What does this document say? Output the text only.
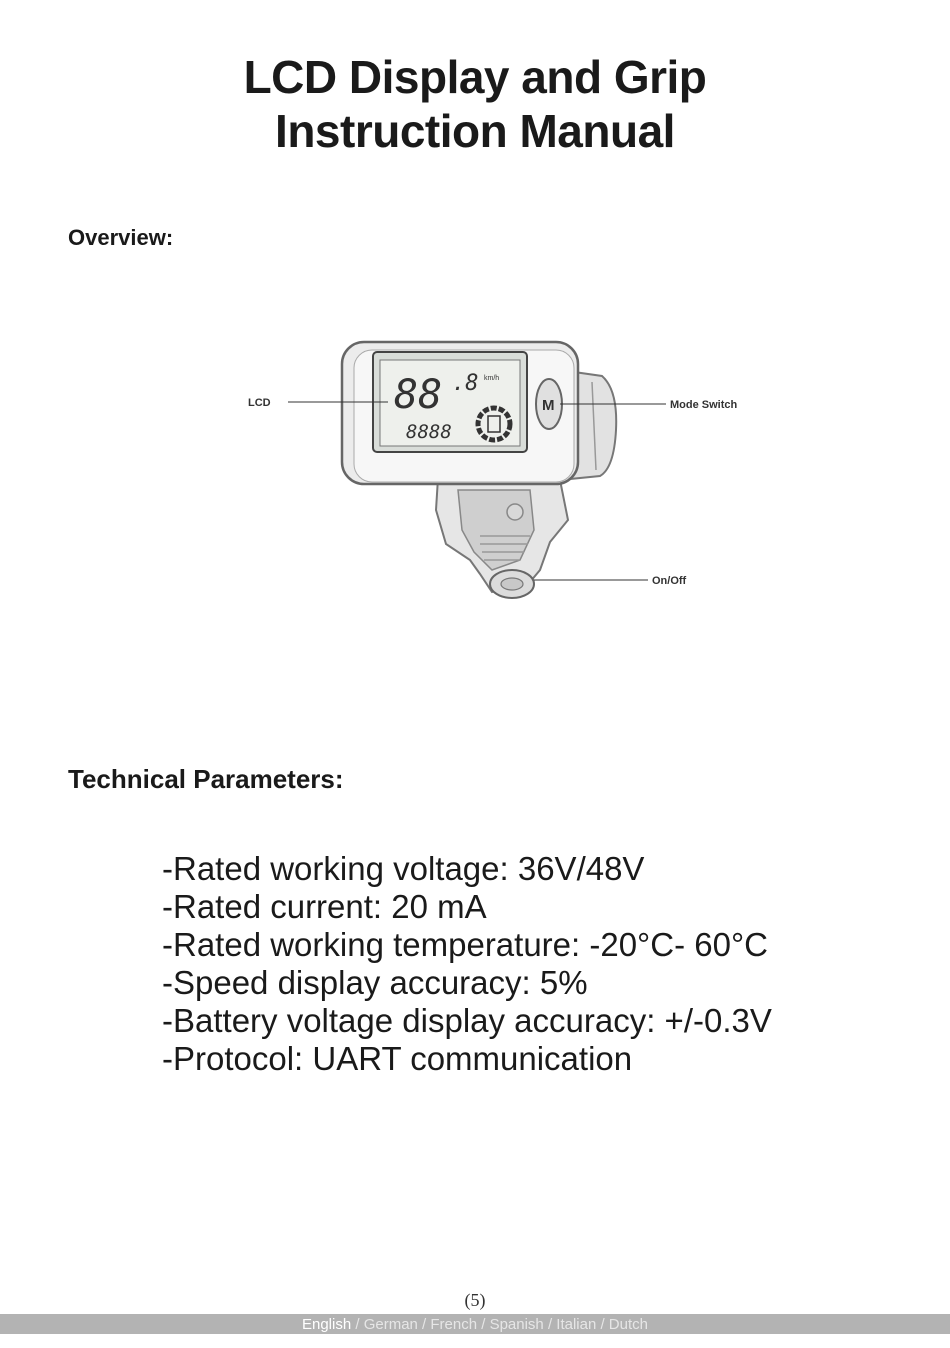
LCD Display and Grip
Instruction Manual
Overview:
88 .8 km/h
8888
M
LCD	Mode Switch
On/Off
Technical Parameters:
-Rated working voltage: 36V/48V
-Rated current: 20 mA
-Rated working temperature: -20°C- 60°C
-Speed display accuracy: 5%
-Battery voltage display accuracy: +/-0.3V
-Protocol: UART communication
(5)
English / German / French / Spanish / Italian / Dutch
